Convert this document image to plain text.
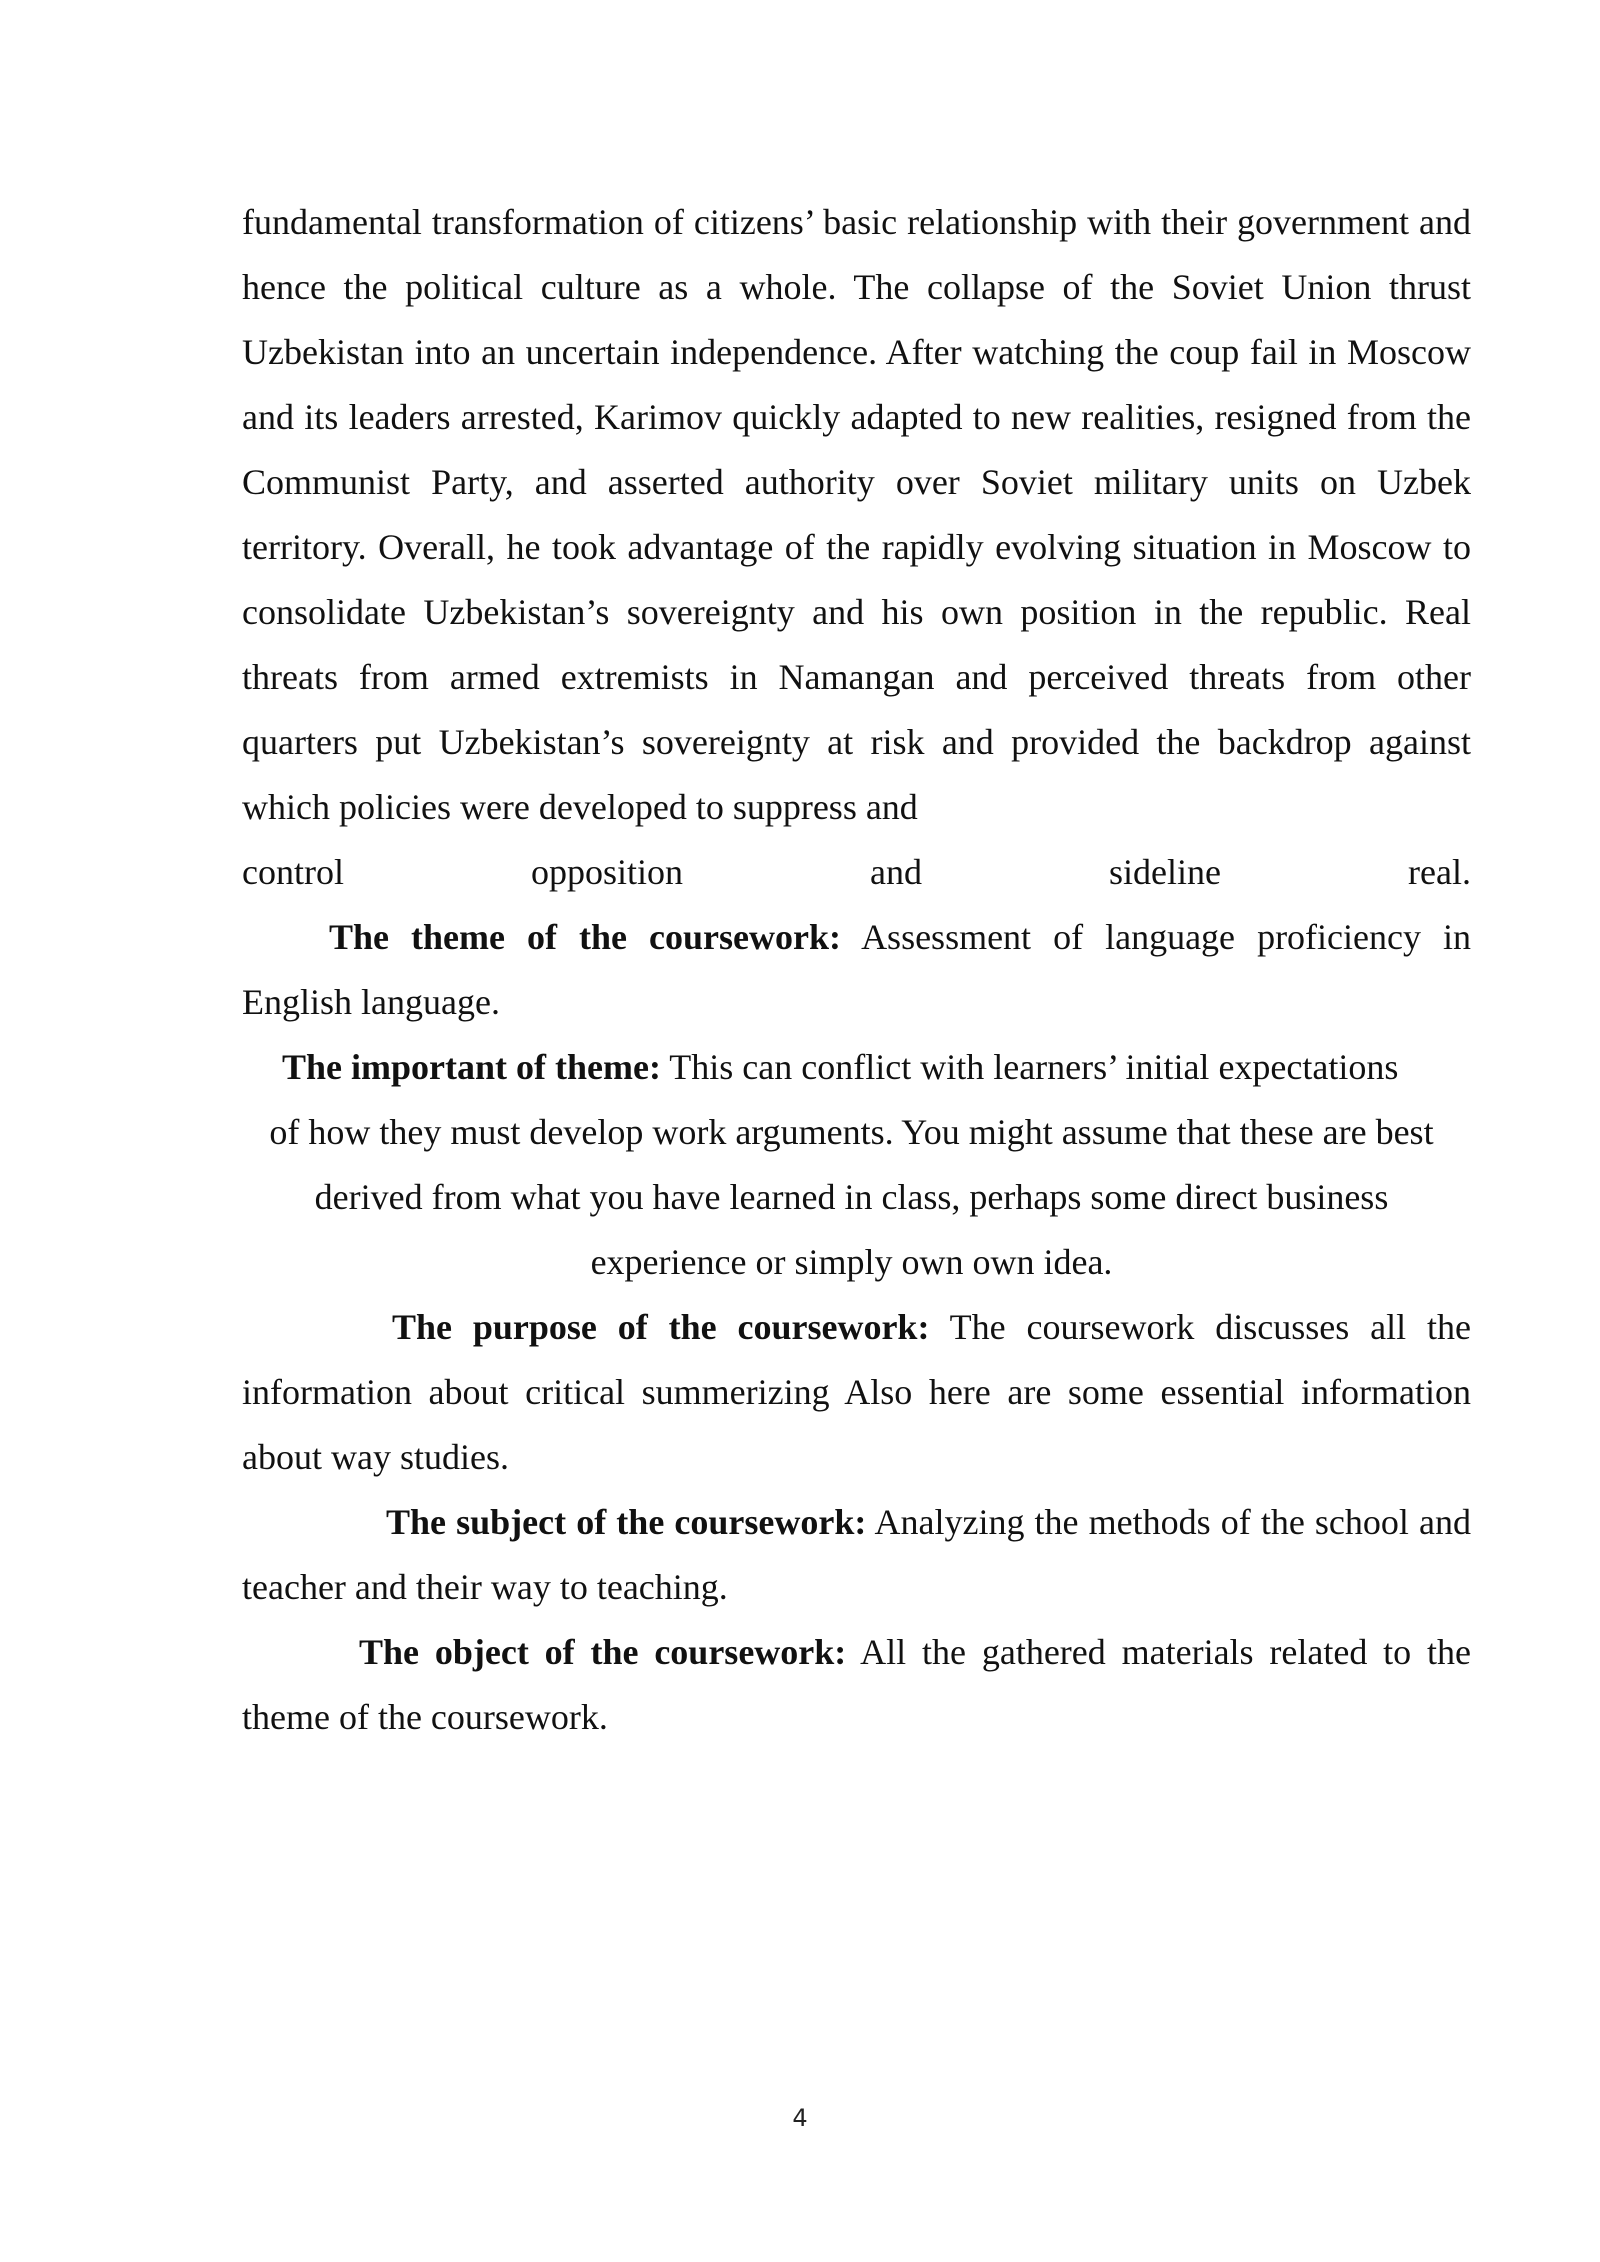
fundamental transformation of citizens’ basic relationship with their government and hence the political culture as a whole. The collapse of the Soviet Union thrust Uzbekistan into an uncertain independence. After watching the coup fail in Moscow and its leaders arrested, Karimov quickly adapted to new realities, resigned from the Communist Party, and asserted authority over Soviet military units on Uzbek territory. Overall, he took advantage of the rapidly evolving situation in Moscow to consolidate Uzbekistan’s sovereignty and his own position in the republic. Real threats from armed extremists in Namangan and perceived threats from other quarters put Uzbekistan’s sovereignty at risk and provided the backdrop against which policies were developed to suppress and

control opposition and sideline real.

The theme of the coursework: Assessment of language proficiency in English language.

The important of theme: This can conflict with learners’ initial expectations
of how they must develop work arguments. You might assume that these are best derived from what you have learned in class, perhaps some direct business experience or simply own own idea.

The purpose of the coursework: The coursework discusses all the information about critical summerizing Also here are some essential information about way studies.

The subject of the coursework: Analyzing the methods of the school and teacher and their way to teaching.

The object of the coursework: All the gathered materials related to the theme of the coursework.

4
